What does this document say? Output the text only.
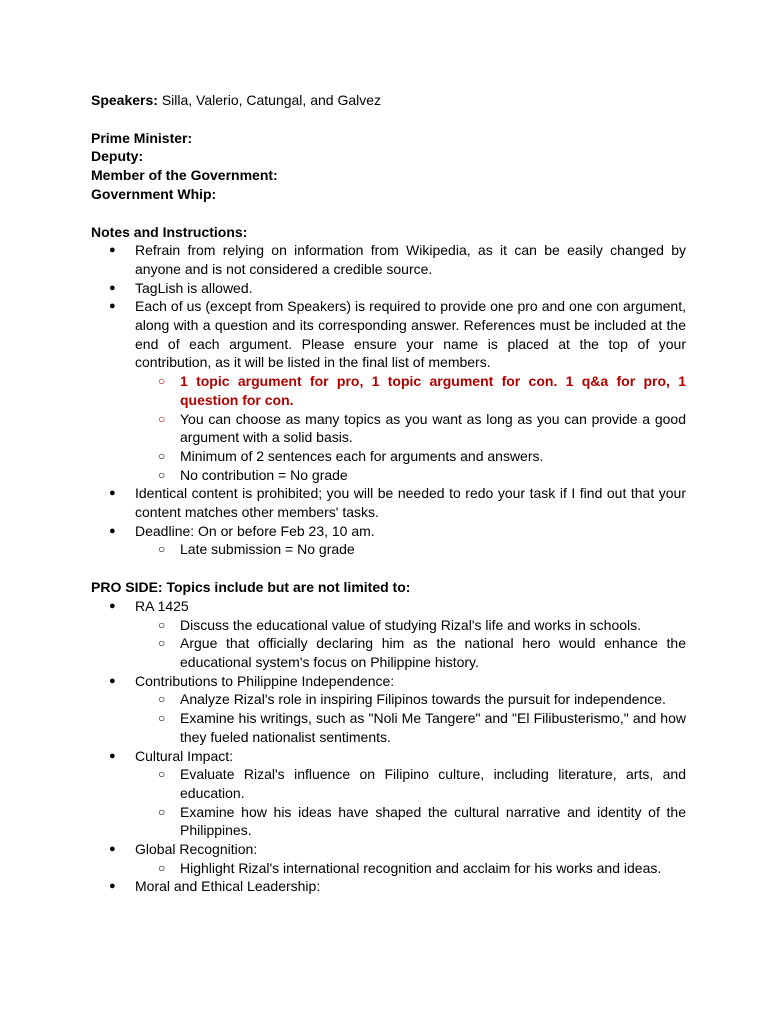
Speakers: Silla, Valerio, Catungal, and Galvez

Prime Minister:

Deputy:

Member of the Government:

Government Whip:

Notes and Instructions:

● Refrain from relying on information from Wikipedia, as it can be easily changed by anyone and is not considered a credible source.
● TagLish is allowed.
● Each of us (except from Speakers) is required to provide one pro and one con argument, along with a question and its corresponding answer. References must be included at the end of each argument. Please ensure your name is placed at the top of your contribution, as it will be listed in the final list of members.
○ 1 topic argument for pro, 1 topic argument for con. 1 q&a for pro, 1 question for con.
○ You can choose as many topics as you want as long as you can provide a good argument with a solid basis.
○ Minimum of 2 sentences each for arguments and answers.
○ No contribution = No grade
● Identical content is prohibited; you will be needed to redo your task if I find out that your content matches other members' tasks.
● Deadline: On or before Feb 23, 10 am.
○ Late submission = No grade

PRO SIDE: Topics include but are not limited to:

● RA 1425
○ Discuss the educational value of studying Rizal's life and works in schools.
○ Argue that officially declaring him as the national hero would enhance the educational system's focus on Philippine history.
● Contributions to Philippine Independence:
○ Analyze Rizal's role in inspiring Filipinos towards the pursuit for independence.
○ Examine his writings, such as "Noli Me Tangere" and "El Filibusterismo," and how they fueled nationalist sentiments.
● Cultural Impact:
○ Evaluate Rizal's influence on Filipino culture, including literature, arts, and education.
○ Examine how his ideas have shaped the cultural narrative and identity of the Philippines.
● Global Recognition:
○ Highlight Rizal's international recognition and acclaim for his works and ideas.
● Moral and Ethical Leadership:
